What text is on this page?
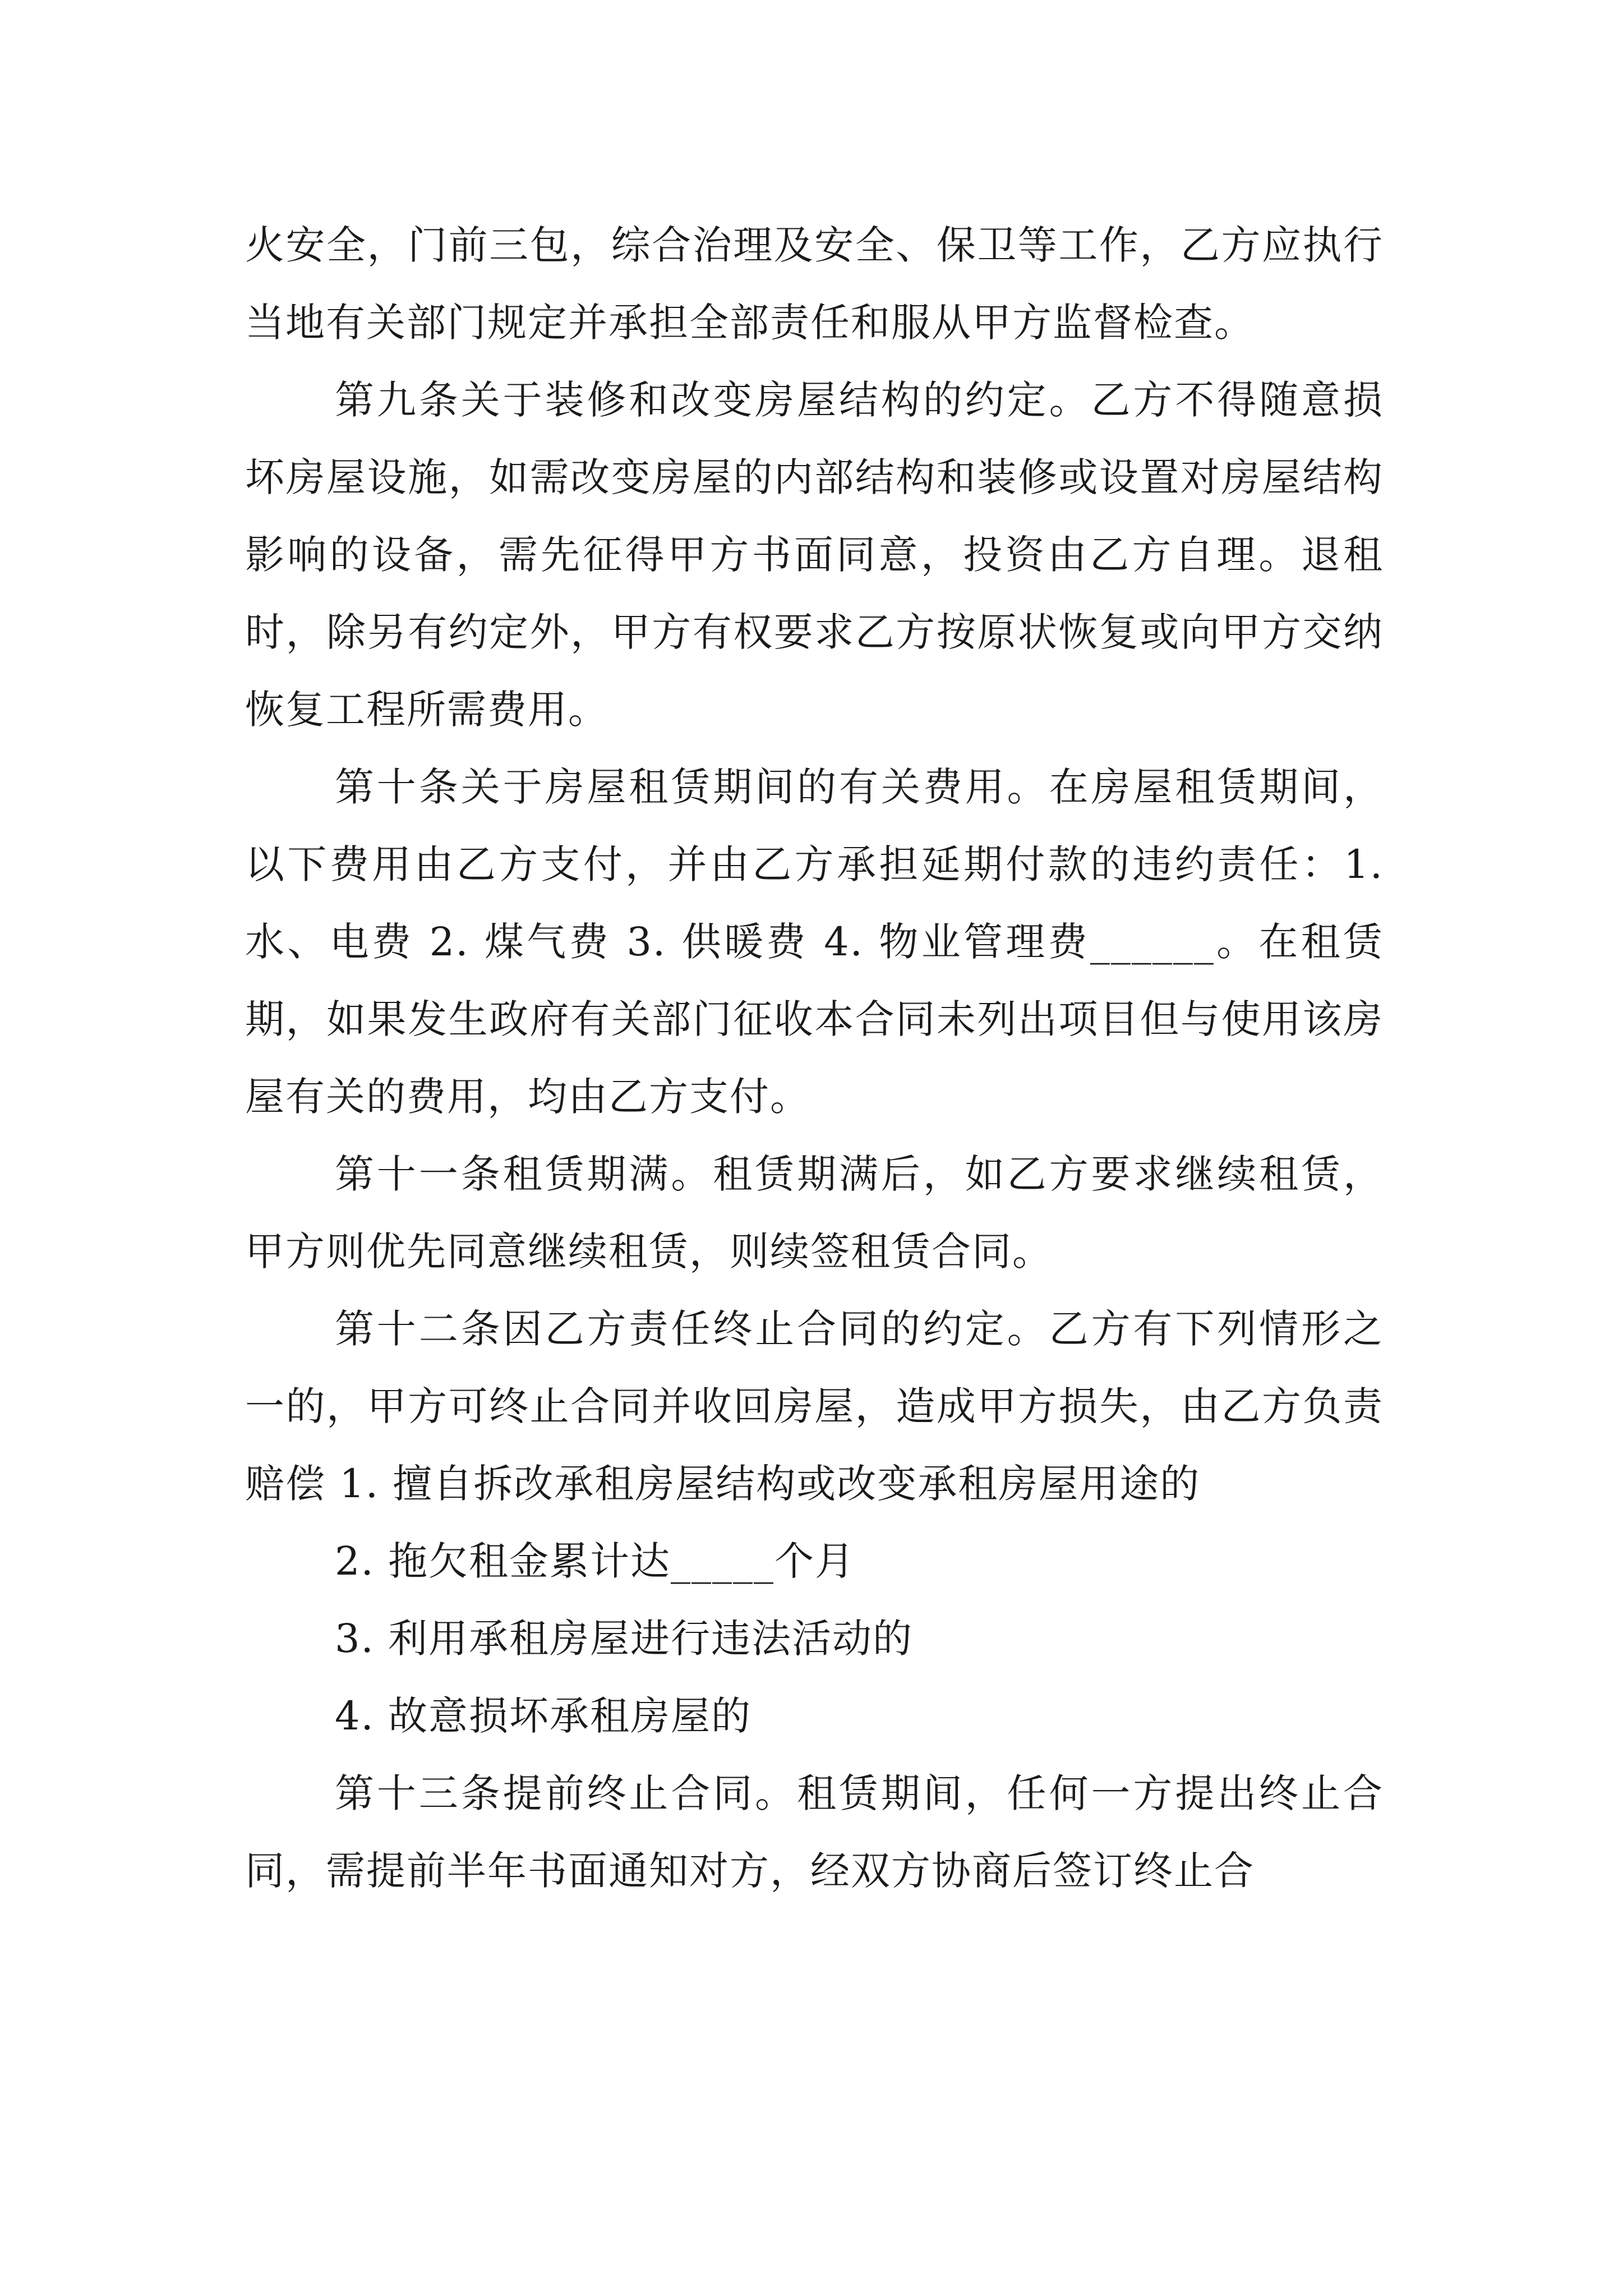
火安全，门前三包，综合治理及安全、保卫等工作，乙方应执行当地有关部门规定并承担全部责任和服从甲方监督检查。

第九条关于装修和改变房屋结构的约定。乙方不得随意损坏房屋设施，如需改变房屋的内部结构和装修或设置对房屋结构影响的设备，需先征得甲方书面同意，投资由乙方自理。退租时，除另有约定外，甲方有权要求乙方按原状恢复或向甲方交纳恢复工程所需费用。

第十条关于房屋租赁期间的有关费用。在房屋租赁期间，以下费用由乙方支付，并由乙方承担延期付款的违约责任：1. 水、电费 2. 煤气费 3. 供暖费 4. 物业管理费______。在租赁期，如果发生政府有关部门征收本合同未列出项目但与使用该房屋有关的费用，均由乙方支付。

第十一条租赁期满。租赁期满后，如乙方要求继续租赁，甲方则优先同意继续租赁，则续签租赁合同。

第十二条因乙方责任终止合同的约定。乙方有下列情形之一的，甲方可终止合同并收回房屋，造成甲方损失，由乙方负责赔偿 1. 擅自拆改承租房屋结构或改变承租房屋用途的

2. 拖欠租金累计达_____个月

3. 利用承租房屋进行违法活动的

4. 故意损坏承租房屋的

第十三条提前终止合同。租赁期间，任何一方提出终止合同，需提前半年书面通知对方，经双方协商后签订终止合
